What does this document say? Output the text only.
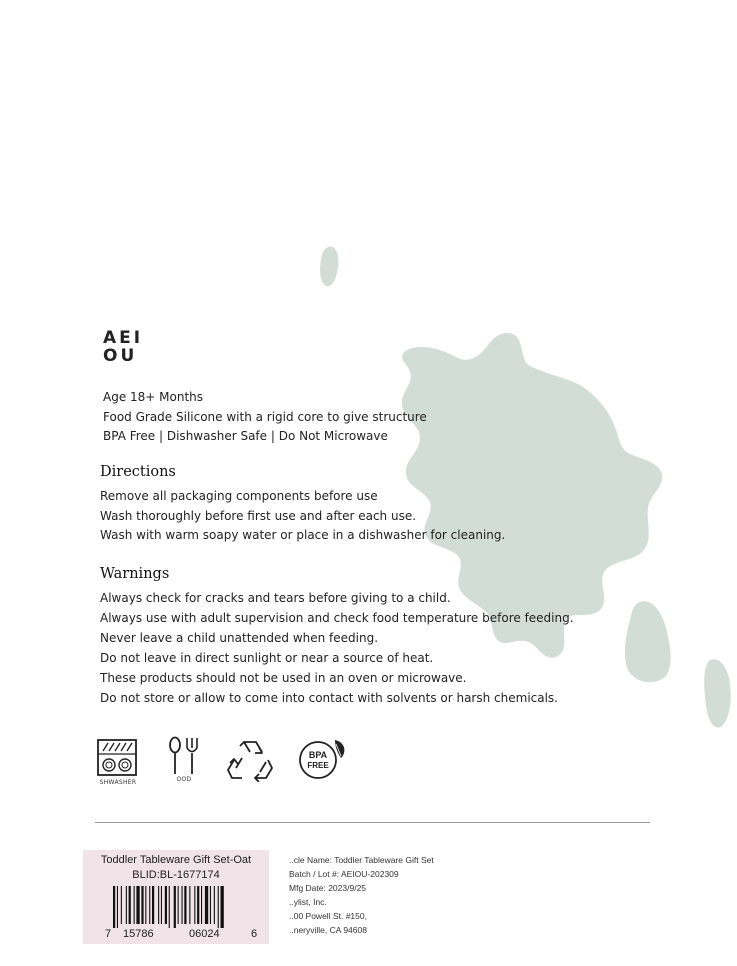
AEI
OU
Age 18+ Months
Food Grade Silicone with a rigid core to give structure
BPA Free | Dishwasher Safe | Do Not Microwave
Directions
Remove all packaging components before use
Wash thoroughly before first use and after each use.
Wash with warm soapy water or place in a dishwasher for cleaning.
Warnings
Always check for cracks and tears before giving to a child.
Always use with adult supervision and check food temperature before feeding.
Never leave a child unattended when feeding.
Do not leave in direct sunlight or near a source of heat.
These products should not be used in an oven or microwave.
Do not store or allow to come into contact with solvents or harsh chemicals.
SHWASHER	OOD
BPA
FREE
Toddler Tableware Gift Set-Oat
BLID:BL-1677174
7 15786	06024	6
..cle Name: Toddler Tableware Gift Set
Batch / Lot #: AEIOU-202309
Mfg Date: 2023/9/25
..ylist, Inc.
..00 Powell St. #150,
..neryville, CA 94608
